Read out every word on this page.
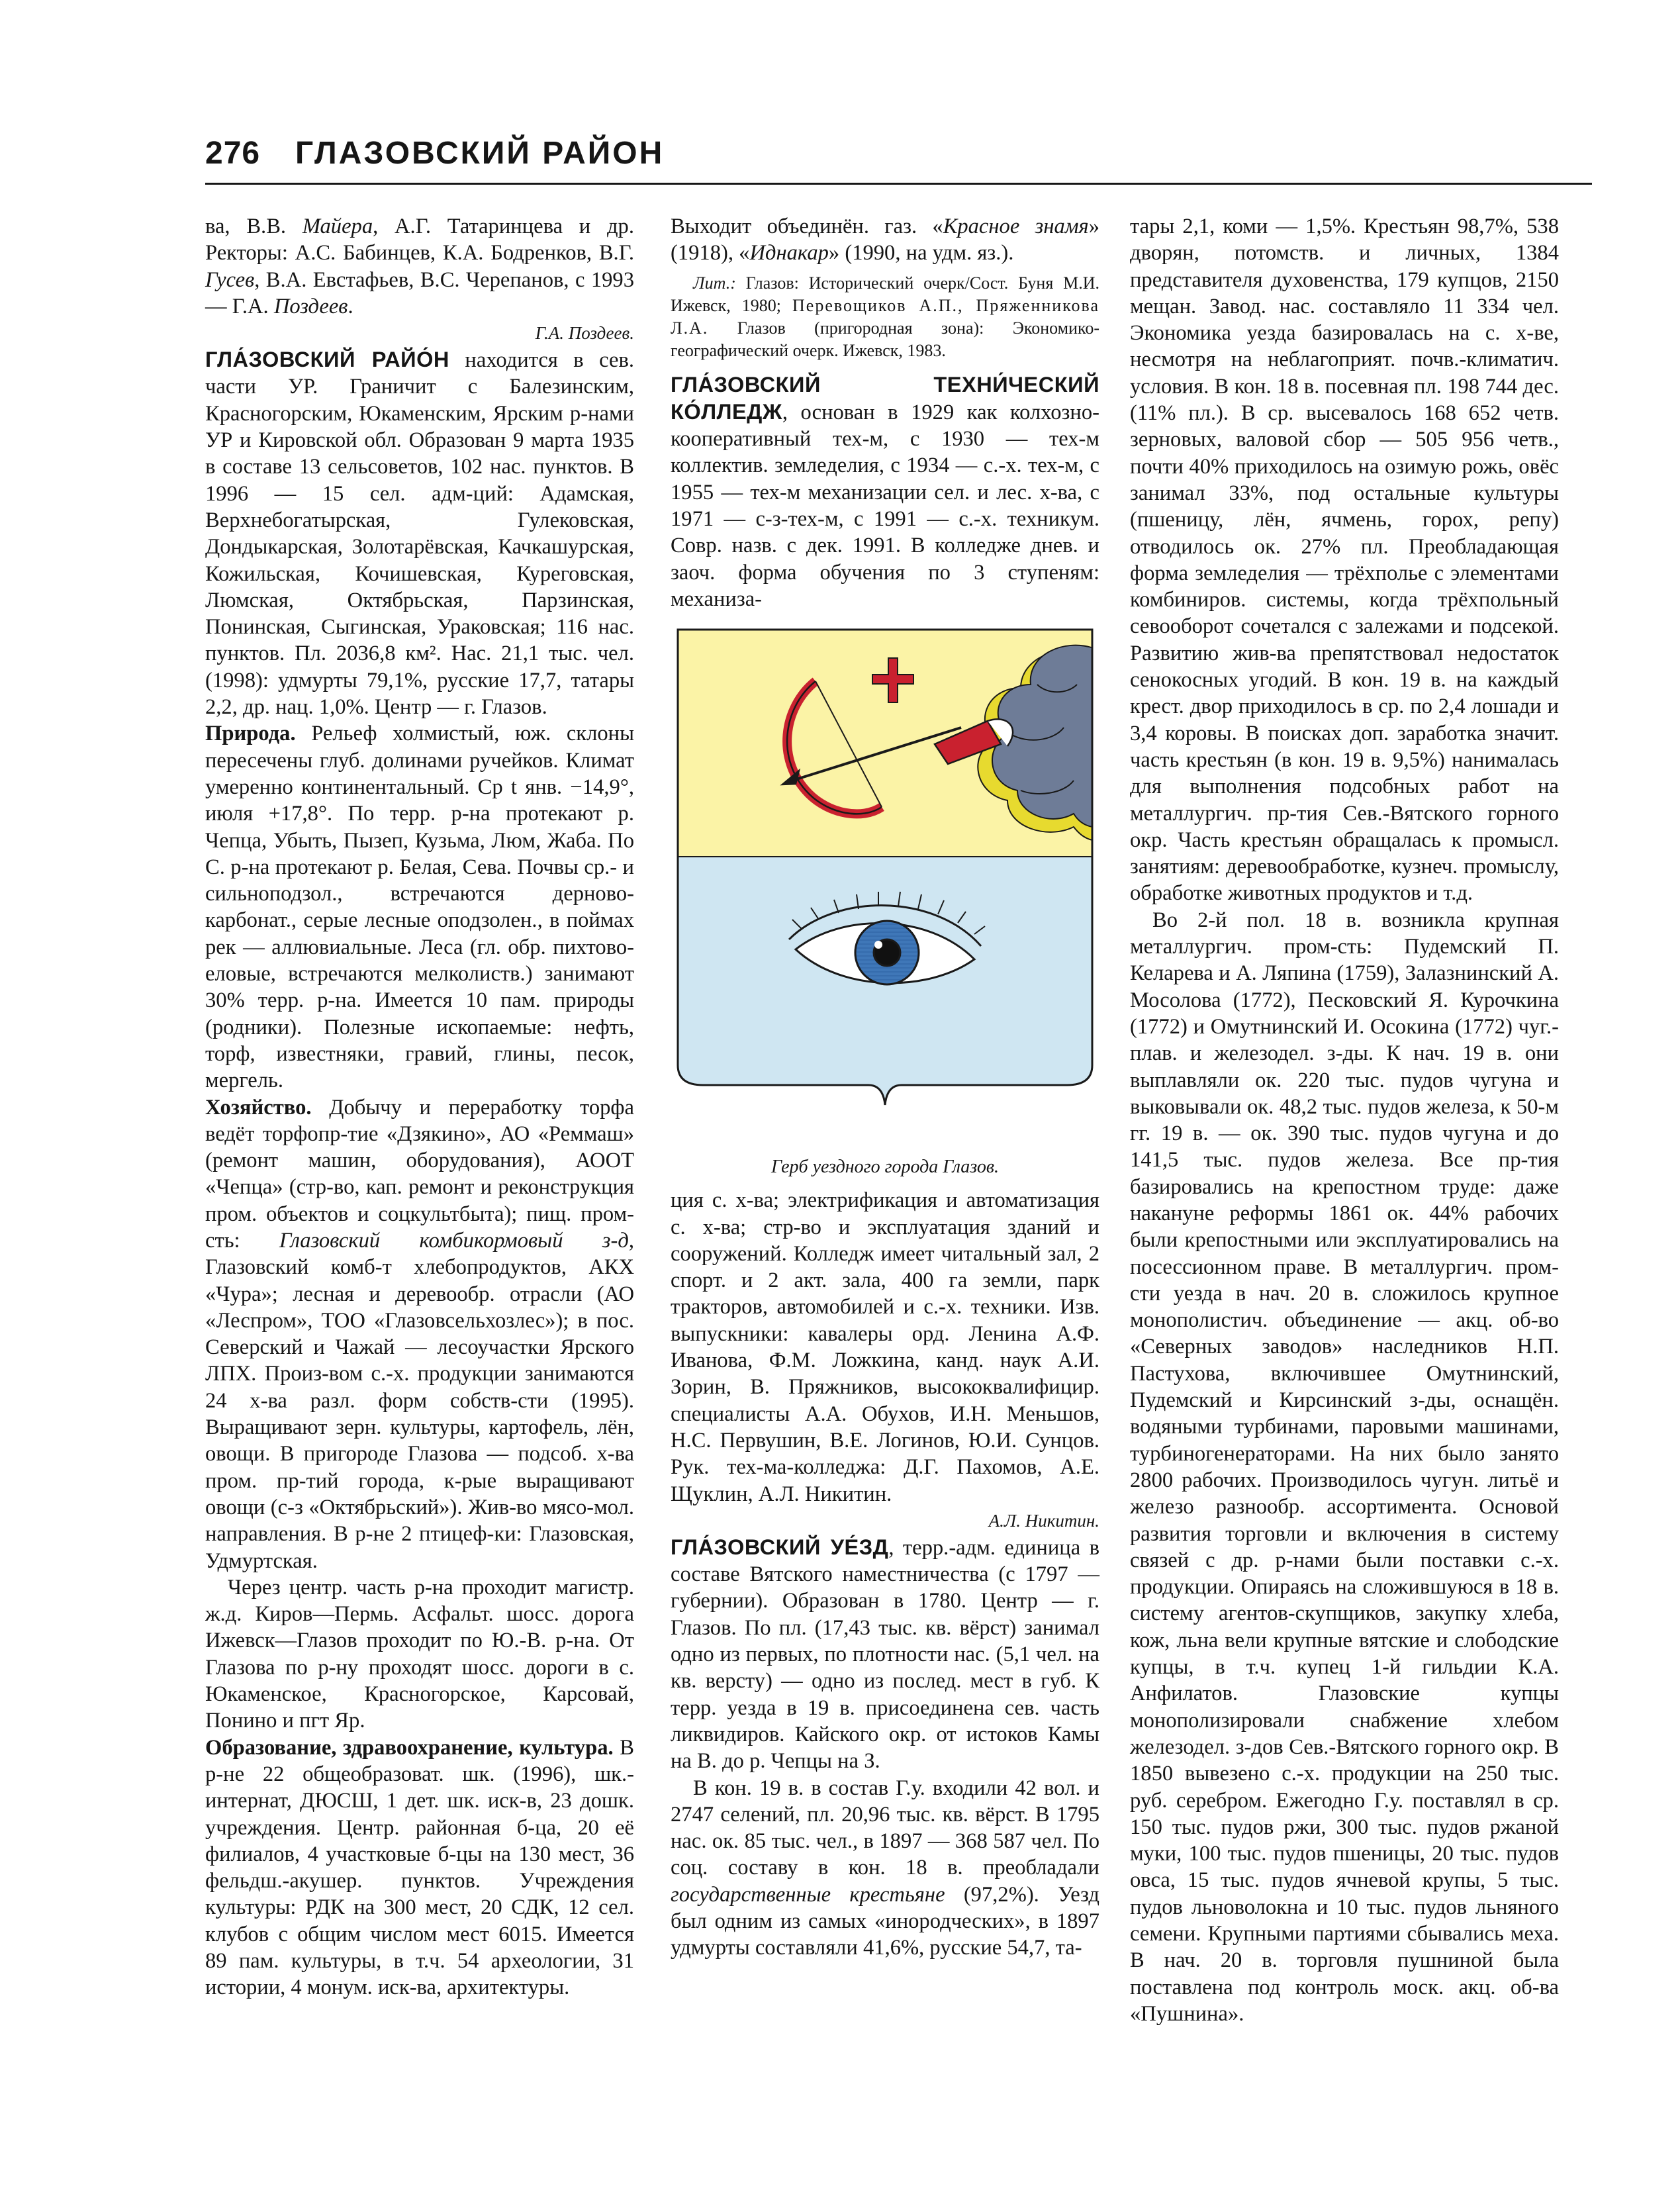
276 ГЛАЗОВСКИЙ РАЙОН

ва, В.В. Майера, А.Г. Татаринцева и др. Ректоры: А.С. Бабинцев, К.А. Бодренков, В.Г. Гусев, В.А. Евстафьев, В.С. Черепанов, с 1993 — Г.А. Поздеев.

Г.А. Поздеев.

ГЛА́ЗОВСКИЙ РАЙО́Н находится в сев. части УР. Граничит с Балезинским, Красногорским, Юкаменским, Ярским р-нами УР и Кировской обл. Образован 9 марта 1935 в составе 13 сельсоветов, 102 нас. пунктов. В 1996 — 15 сел. адм-ций: Адамская, Верхнебогатырская, Гулековская, Дондыкарская, Золотарёвская, Качкашурская, Кожильская, Кочишевская, Куреговская, Люмская, Октябрьская, Парзинская, Понинская, Сыгинская, Ураковская; 116 нас. пунктов. Пл. 2036,8 км². Нас. 21,1 тыс. чел. (1998): удмурты 79,1%, русские 17,7, татары 2,2, др. нац. 1,0%. Центр — г. Глазов.

Природа. Рельеф холмистый, юж. склоны пересечены глуб. долинами ручейков. Климат умеренно континентальный. Ср t янв. −14,9°, июля +17,8°. По терр. р-на протекают р. Чепца, Убыть, Пызеп, Кузьма, Люм, Жаба. По С. р-на протекают р. Белая, Сева. Почвы ср.- и сильноподзол., встречаются дерново-карбонат., серые лесные оподзолен., в поймах рек — аллювиальные. Леса (гл. обр. пихтово-еловые, встречаются мелколиств.) занимают 30% терр. р-на. Имеется 10 пам. природы (родники). Полезные ископаемые: нефть, торф, известняки, гравий, глины, песок, мергель.

Хозяйство. Добычу и переработку торфа ведёт торфопр-тие «Дзякино», АО «Реммаш» (ремонт машин, оборудования), АООТ «Чепца» (стр-во, кап. ремонт и реконструкция пром. объектов и соцкультбыта); пищ. пром-сть: Глазовский комбикормовый з-д, Глазовский комб-т хлебопродуктов, АКХ «Чура»; лесная и деревообр. отрасли (АО «Леспром», ТОО «Глазовсельхозлес»); в пос. Северский и Чажай — лесоучастки Ярского ЛПХ. Произ-вом с.-х. продукции занимаются 24 х-ва разл. форм собств-сти (1995). Выращивают зерн. культуры, картофель, лён, овощи. В пригороде Глазова — подсоб. х-ва пром. пр-тий города, к-рые выращивают овощи (с-з «Октябрьский»). Жив-во мясо-мол. направления. В р-не 2 птицеф-ки: Глазовская, Удмуртская.

Через центр. часть р-на проходит магистр. ж.д. Киров—Пермь. Асфальт. шосс. дорога Ижевск—Глазов проходит по Ю.-В. р-на. От Глазова по р-ну проходят шосс. дороги в с. Юкаменское, Красногорское, Карсовай, Понино и пгт Яр.

Образование, здравоохранение, культура. В р-не 22 общеобразоват. шк. (1996), шк.-интернат, ДЮСШ, 1 дет. шк. иск-в, 23 дошк. учреждения. Центр. районная б-ца, 20 её филиалов, 4 участковые б-цы на 130 мест, 36 фельдш.-акушер. пунктов. Учреждения культуры: РДК на 300 мест, 20 СДК, 12 сел. клубов с общим числом мест 6015. Имеется 89 пам. культуры, в т.ч. 54 археологии, 31 истории, 4 монум. иск-ва, архитектуры.

Выходит объединён. газ. «Красное знамя» (1918), «Иднакар» (1990, на удм. яз.).

Лит.: Глазов: Исторический очерк/Сост. Буня М.И. Ижевск, 1980; Перевощиков А.П., Пряженникова Л.А. Глазов (пригородная зона): Экономико-географический очерк. Ижевск, 1983.

ГЛА́ЗОВСКИЙ ТЕХНИ́ЧЕСКИЙ КО́ЛЛЕДЖ, основан в 1929 как колхозно-кооперативный тех-м, с 1930 — тех-м коллектив. земледелия, с 1934 — с.-х. тех-м, с 1955 — тех-м механизации сел. и лес. х-ва, с 1971 — с-з-тех-м, с 1991 — с.-х. техникум. Совр. назв. с дек. 1991. В колледже днев. и заоч. форма обучения по 3 ступеням: механиза-

Герб уездного города Глазов.

ция с. х-ва; электрификация и автоматизация с. х-ва; стр-во и эксплуатация зданий и сооружений. Колледж имеет читальный зал, 2 спорт. и 2 акт. зала, 400 га земли, парк тракторов, автомобилей и с.-х. техники. Изв. выпускники: кавалеры орд. Ленина А.Ф. Иванова, Ф.М. Ложкина, канд. наук А.И. Зорин, В. Пряжников, высококвалифицир. специалисты А.А. Обухов, И.Н. Меньшов, Н.С. Первушин, В.Е. Логинов, Ю.И. Сунцов. Рук. тех-ма-колледжа: Д.Г. Пахомов, А.Е. Щуклин, А.Л. Никитин.

А.Л. Никитин.

ГЛА́ЗОВСКИЙ УЕ́ЗД, терр.-адм. единица в составе Вятского наместничества (с 1797 — губернии). Образован в 1780. Центр — г. Глазов. По пл. (17,43 тыс. кв. вёрст) занимал одно из первых, по плотности нас. (5,1 чел. на кв. версту) — одно из послед. мест в губ. К терр. уезда в 19 в. присоединена сев. часть ликвидиров. Кайского окр. от истоков Камы на В. до р. Чепцы на З.

В кон. 19 в. в состав Г.у. входили 42 вол. и 2747 селений, пл. 20,96 тыс. кв. вёрст. В 1795 нас. ок. 85 тыс. чел., в 1897 — 368 587 чел. По соц. составу в кон. 18 в. преобладали государственные крестьяне (97,2%). Уезд был одним из самых «инородческих», в 1897 удмурты составляли 41,6%, русские 54,7, та-

тары 2,1, коми — 1,5%. Крестьян 98,7%, 538 дворян, потомств. и личных, 1384 представителя духовенства, 179 купцов, 2150 мещан. Завод. нас. составляло 11 334 чел. Экономика уезда базировалась на с. х-ве, несмотря на неблагоприят. почв.-климатич. условия. В кон. 18 в. посевная пл. 198 744 дес. (11% пл.). В ср. высевалось 168 652 четв. зерновых, валовой сбор — 505 956 четв., почти 40% приходилось на озимую рожь, овёс занимал 33%, под остальные культуры (пшеницу, лён, ячмень, горох, репу) отводилось ок. 27% пл. Преобладающая форма земледелия — трёхполье с элементами комбиниров. системы, когда трёхпольный севооборот сочетался с залежами и подсекой. Развитию жив-ва препятствовал недостаток сенокосных угодий. В кон. 19 в. на каждый крест. двор приходилось в ср. по 2,4 лошади и 3,4 коровы. В поисках доп. заработка значит. часть крестьян (в кон. 19 в. 9,5%) нанималась для выполнения подсобных работ на металлургич. пр-тия Сев.-Вятского горного окр. Часть крестьян обращалась к промысл. занятиям: деревообработке, кузнеч. промыслу, обработке животных продуктов и т.д.

Во 2-й пол. 18 в. возникла крупная металлургич. пром-сть: Пудемский П. Келарева и А. Ляпина (1759), Залазнинский А. Мосолова (1772), Песковский Я. Курочкина (1772) и Омутнинский И. Осокина (1772) чуг.-плав. и железодел. з-ды. К нач. 19 в. они выплавляли ок. 220 тыс. пудов чугуна и выковывали ок. 48,2 тыс. пудов железа, к 50-м гг. 19 в. — ок. 390 тыс. пудов чугуна и до 141,5 тыс. пудов железа. Все пр-тия базировались на крепостном труде: даже накануне реформы 1861 ок. 44% рабочих были крепостными или эксплуатировались на посессионном праве. В металлургич. пром-сти уезда в нач. 20 в. сложилось крупное монополистич. объединение — акц. об-во «Северных заводов» наследников Н.П. Пастухова, включившее Омутнинский, Пудемский и Кирсинский з-ды, оснащён. водяными турбинами, паровыми машинами, турбиногенераторами. На них было занято 2800 рабочих. Производилось чугун. литьё и железо разнообр. ассортимента. Основой развития торговли и включения в систему связей с др. р-нами были поставки с.-х. продукции. Опираясь на сложившуюся в 18 в. систему агентов-скупщиков, закупку хлеба, кож, льна вели крупные вятские и слободские купцы, в т.ч. купец 1-й гильдии К.А. Анфилатов. Глазовские купцы монополизировали снабжение хлебом железодел. з-дов Сев.-Вятского горного окр. В 1850 вывезено с.-х. продукции на 250 тыс. руб. серебром. Ежегодно Г.у. поставлял в ср. 150 тыс. пудов ржи, 300 тыс. пудов ржаной муки, 100 тыс. пудов пшеницы, 20 тыс. пудов овса, 15 тыс. пудов ячневой крупы, 5 тыс. пудов льноволокна и 10 тыс. пудов льняного семени. Крупными партиями сбывались меха. В нач. 20 в. торговля пушниной была поставлена под контроль моск. акц. об-ва «Пушнина».
